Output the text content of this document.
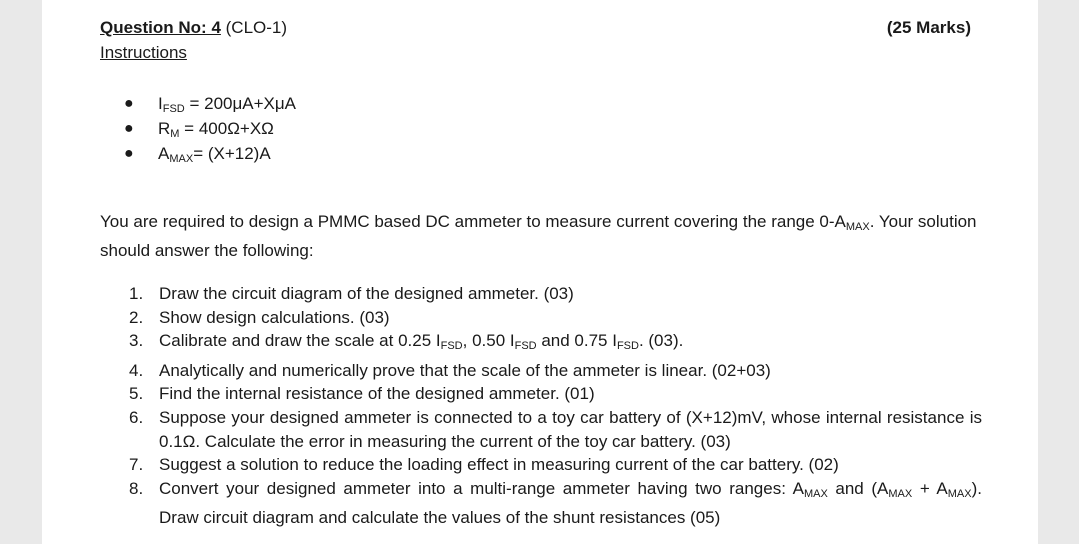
Question No: 4 (CLO-1)	(25 Marks)
Instructions
● $I_{FSD} = 200\mu A+X\mu A$
● $R_M = 400\Omega+X\Omega$
● $A_{MAX}= (X+12)A$
You are required to design a PMMC based DC ammeter to measure current covering the range $0-A_{MAX}$. Your solution should answer the following:
1. Draw the circuit diagram of the designed ammeter. (03)
2. Show design calculations. (03)
3. Calibrate and draw the scale at 0.25 $I_{FSD}$, 0.50 $I_{FSD}$ and 0.75 $I_{FSD}$. (03).
4. Analytically and numerically prove that the scale of the ammeter is linear. (02+03)
5. Find the internal resistance of the designed ammeter. (01)
6. Suppose your designed ammeter is connected to a toy car battery of (X+12)mV, whose internal resistance is 0.1Ω. Calculate the error in measuring the current of the toy car battery. (03)
7. Suggest a solution to reduce the loading effect in measuring current of the car battery. (02)
8. Convert your designed ammeter into a multi-range ammeter having two ranges: $A_{MAX}$ and $(A_{MAX} + A_{MAX})$. Draw circuit diagram and calculate the values of the shunt resistances (05)
